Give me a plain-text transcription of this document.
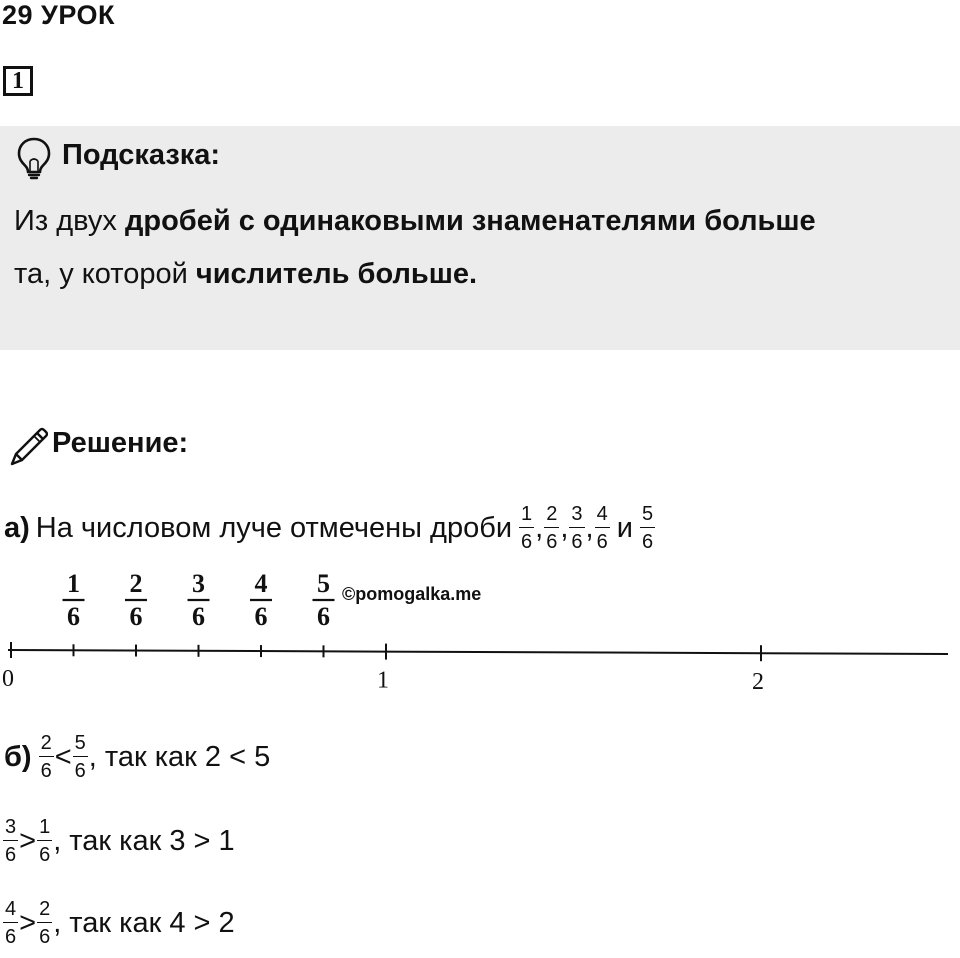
29 УРОК
1
Подсказка:
Из двух дробей с одинаковыми знаменателями больше
та, у которой числитель больше.
Решение:
а) На числовом луче отмечены дроби $\frac{1}{6}$ , $\frac{2}{6}$ , $\frac{3}{6}$ , $\frac{4}{6}$ и $\frac{5}{6}$
0	1	2
1
6
2
6
3
6
4
6
5
6
©pomogalka.me
$б) \frac{2}{6} < \frac{5}{6}$ , так как 2 < 5
$\frac{3}{6} > \frac{1}{6}$ , так как 3 > 1
$\frac{4}{6} > \frac{2}{6}$ , так как 4 > 2
